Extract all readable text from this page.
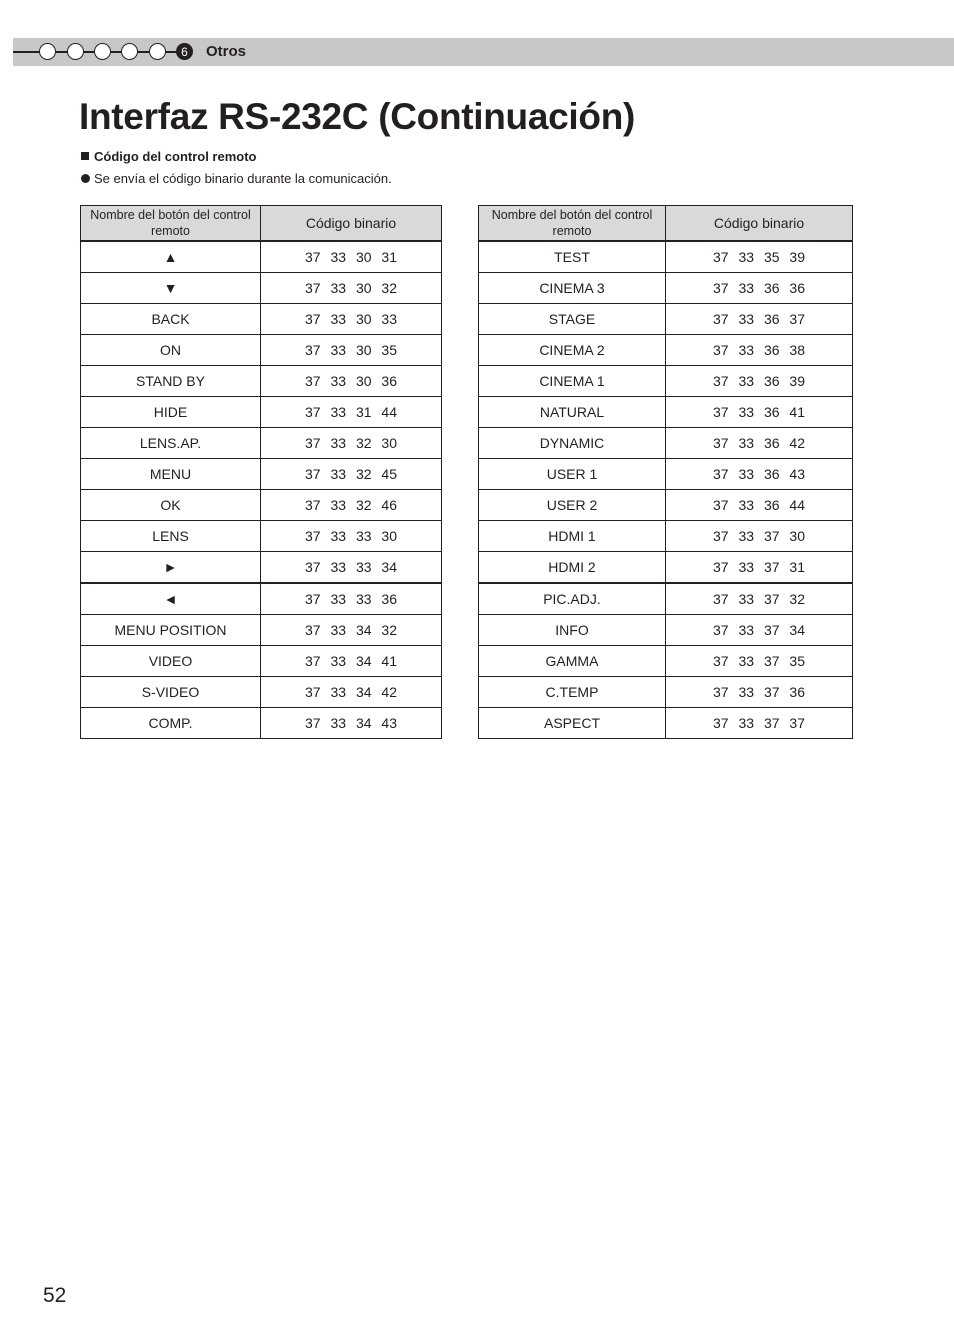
6	Otros
Interfaz RS-232C (Continuación)
Código del control remoto
Se envía el código binario durante la comunicación.
Nombre del botón del control remoto	Código binario
▲	37 33 30 31
▼	37 33 30 32
BACK	37 33 30 33
ON	37 33 30 35
STAND BY	37 33 30 36
HIDE	37 33 31 44
LENS.AP.	37 33 32 30
MENU	37 33 32 45
OK	37 33 32 46
LENS	37 33 33 30
►	37 33 33 34
◄	37 33 33 36
MENU POSITION	37 33 34 32
VIDEO	37 33 34 41
S-VIDEO	37 33 34 42
COMP.	37 33 34 43
Nombre del botón del control remoto	Código binario
TEST	37 33 35 39
CINEMA 3	37 33 36 36
STAGE	37 33 36 37
CINEMA 2	37 33 36 38
CINEMA 1	37 33 36 39
NATURAL	37 33 36 41
DYNAMIC	37 33 36 42
USER 1	37 33 36 43
USER 2	37 33 36 44
HDMI 1	37 33 37 30
HDMI 2	37 33 37 31
PIC.ADJ.	37 33 37 32
INFO	37 33 37 34
GAMMA	37 33 37 35
C.TEMP	37 33 37 36
ASPECT	37 33 37 37
52
